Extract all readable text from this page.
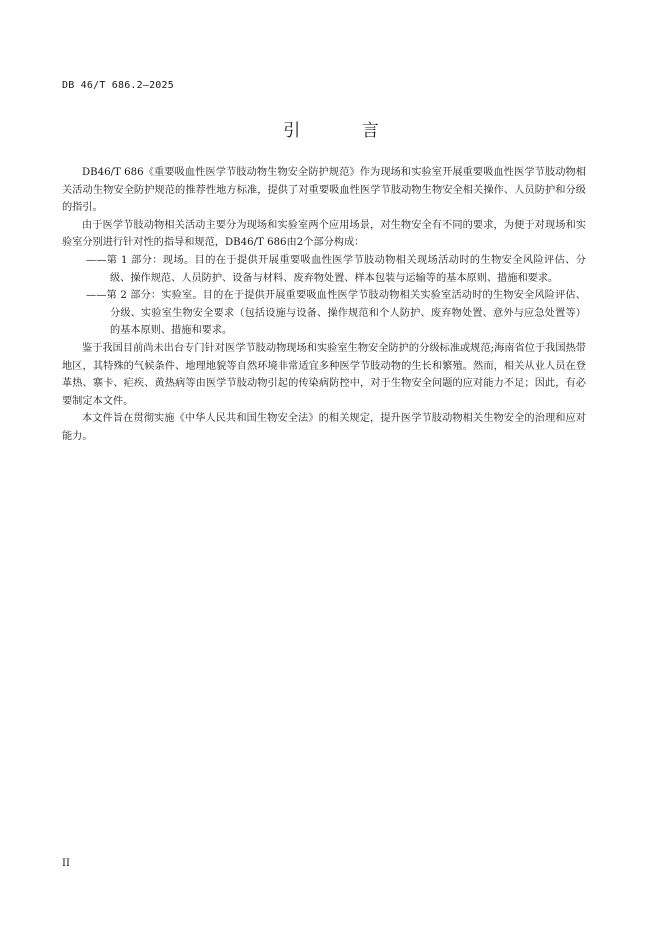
DB 46/T 686.2—2025
引 言

DB46/T 686《重要吸血性医学节肢动物生物安全防护规范》作为现场和实验室开展重要吸血性医学节肢动物相关活动生物安全防护规范的推荐性地方标准，提供了对重要吸血性医学节肢动物生物安全相关操作、人员防护和分级的指引。

由于医学节肢动物相关活动主要分为现场和实验室两个应用场景，对生物安全有不同的要求，为便于对现场和实验室分别进行针对性的指导和规范，DB46/T 686由2个部分构成：

——第 1 部分：现场。目的在于提供开展重要吸血性医学节肢动物相关现场活动时的生物安全风险评估、分级、操作规范、人员防护、设备与材料、废弃物处置、样本包装与运输等的基本原则、措施和要求。

——第 2 部分：实验室。目的在于提供开展重要吸血性医学节肢动物相关实验室活动时的生物安全风险评估、分级、实验室生物安全要求（包括设施与设备、操作规范和个人防护、废弃物处置、意外与应急处置等）的基本原则、措施和要求。

鉴于我国目前尚未出台专门针对医学节肢动物现场和实验室生物安全防护的分级标准或规范;海南省位于我国热带地区，其特殊的气候条件、地理地貌等自然环境非常适宜多种医学节肢动物的生长和繁殖。然而，相关从业人员在登革热、寨卡、疟疾、黄热病等由医学节肢动物引起的传染病防控中，对于生物安全问题的应对能力不足；因此，有必要制定本文件。

本文件旨在贯彻实施《中华人民共和国生物安全法》的相关规定，提升医学节肢动物相关生物安全的治理和应对能力。

II
